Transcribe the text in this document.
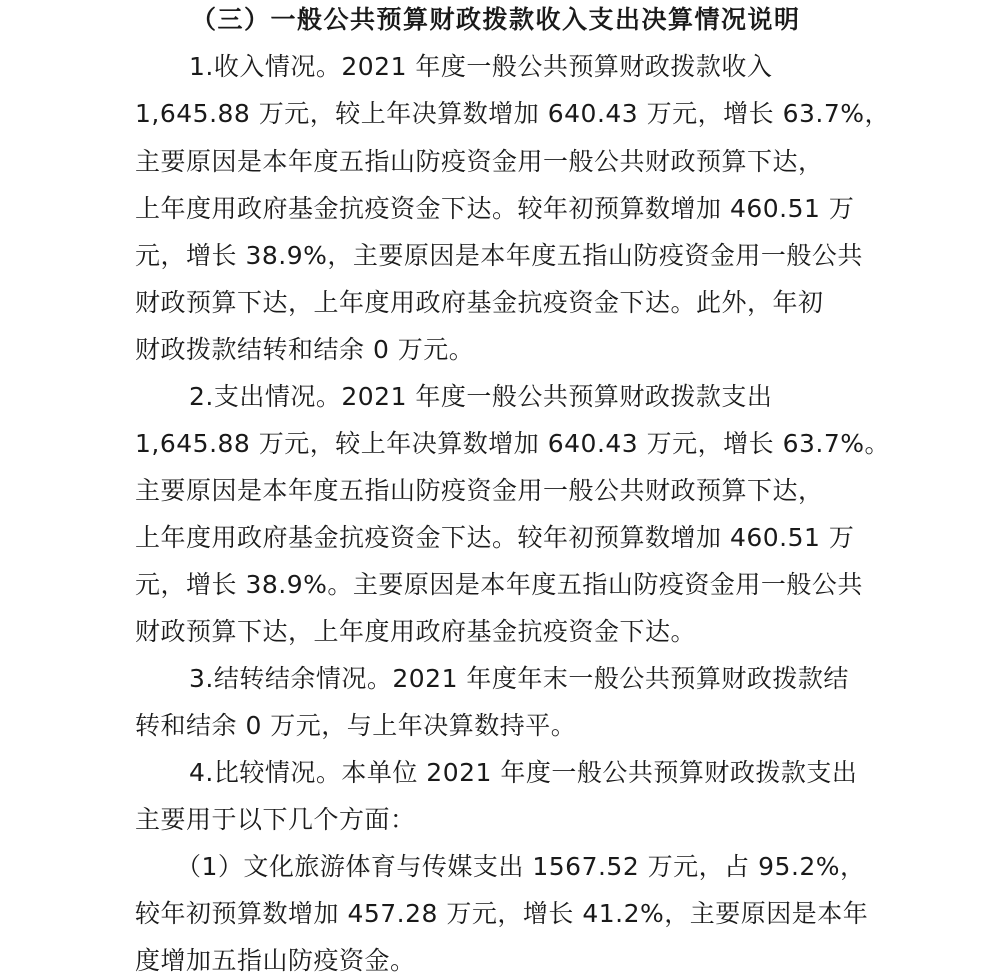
（三）一般公共预算财政拨款收入支出决算情况说明
1.收入情况。2021 年度一般公共预算财政拨款收入
1,645.88 万元，较上年决算数增加 640.43 万元，增长 63.7%，
主要原因是本年度五指山防疫资金用一般公共财政预算下达，
上年度用政府基金抗疫资金下达。较年初预算数增加 460.51 万
元，增长 38.9%，主要原因是本年度五指山防疫资金用一般公共
财政预算下达，上年度用政府基金抗疫资金下达。此外，年初
财政拨款结转和结余 0 万元。
2.支出情况。2021 年度一般公共预算财政拨款支出
1,645.88 万元，较上年决算数增加 640.43 万元，增长 63.7%。
主要原因是本年度五指山防疫资金用一般公共财政预算下达，
上年度用政府基金抗疫资金下达。较年初预算数增加 460.51 万
元，增长 38.9%。主要原因是本年度五指山防疫资金用一般公共
财政预算下达，上年度用政府基金抗疫资金下达。
3.结转结余情况。2021 年度年末一般公共预算财政拨款结
转和结余 0 万元，与上年决算数持平。
4.比较情况。本单位 2021 年度一般公共预算财政拨款支出
主要用于以下几个方面：
（1）文化旅游体育与传媒支出 1567.52 万元，占 95.2%，
较年初预算数增加 457.28 万元，增长 41.2%，主要原因是本年
度增加五指山防疫资金。
